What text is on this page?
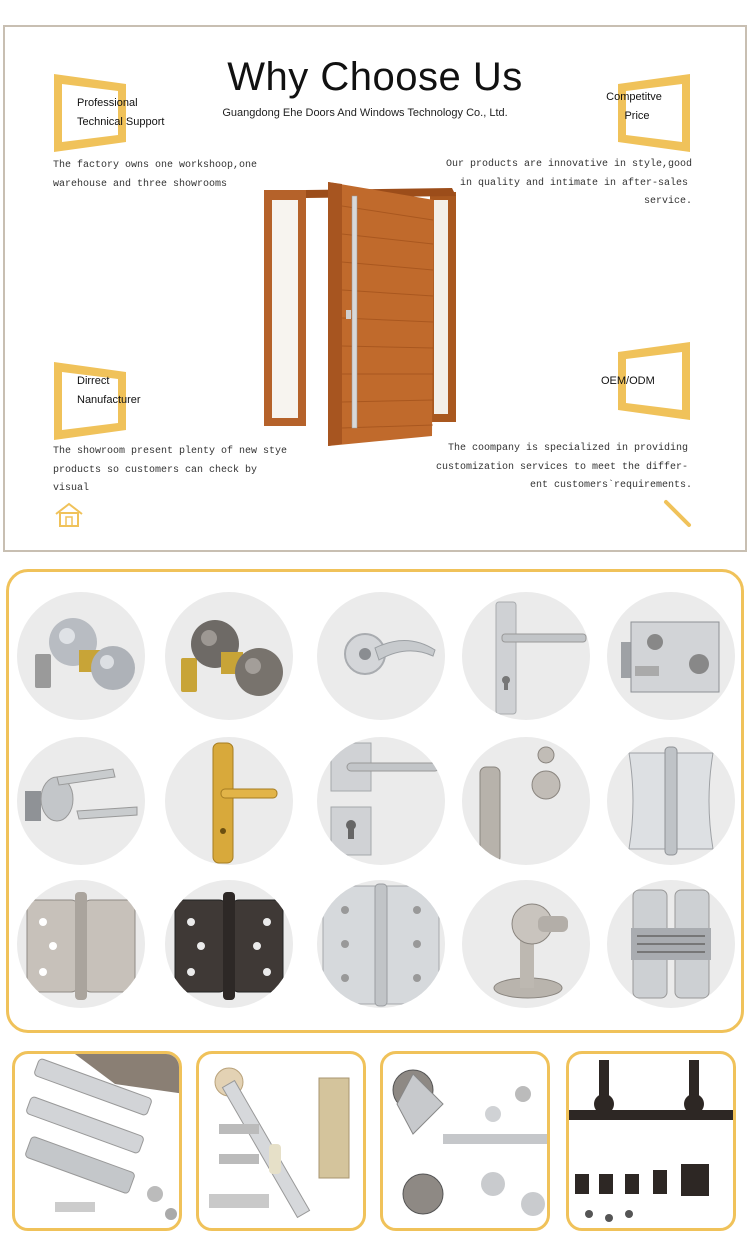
Why Choose Us
Guangdong Ehe Doors And Windows Technology Co., Ltd.
Professional
Technical Support
The factory owns one workshoop,one
warehouse and three showrooms
Competitve
Price
Our products are innovative in style,good
in quality and intimate in after-sales
service.
Dirrect
Nanufacturer
The showroom present plenty of new stye
products so customers can check by
visual
OEM/ODM
The coompany is specialized in providing
customization services to meet the differ-
ent customers`requirements.
